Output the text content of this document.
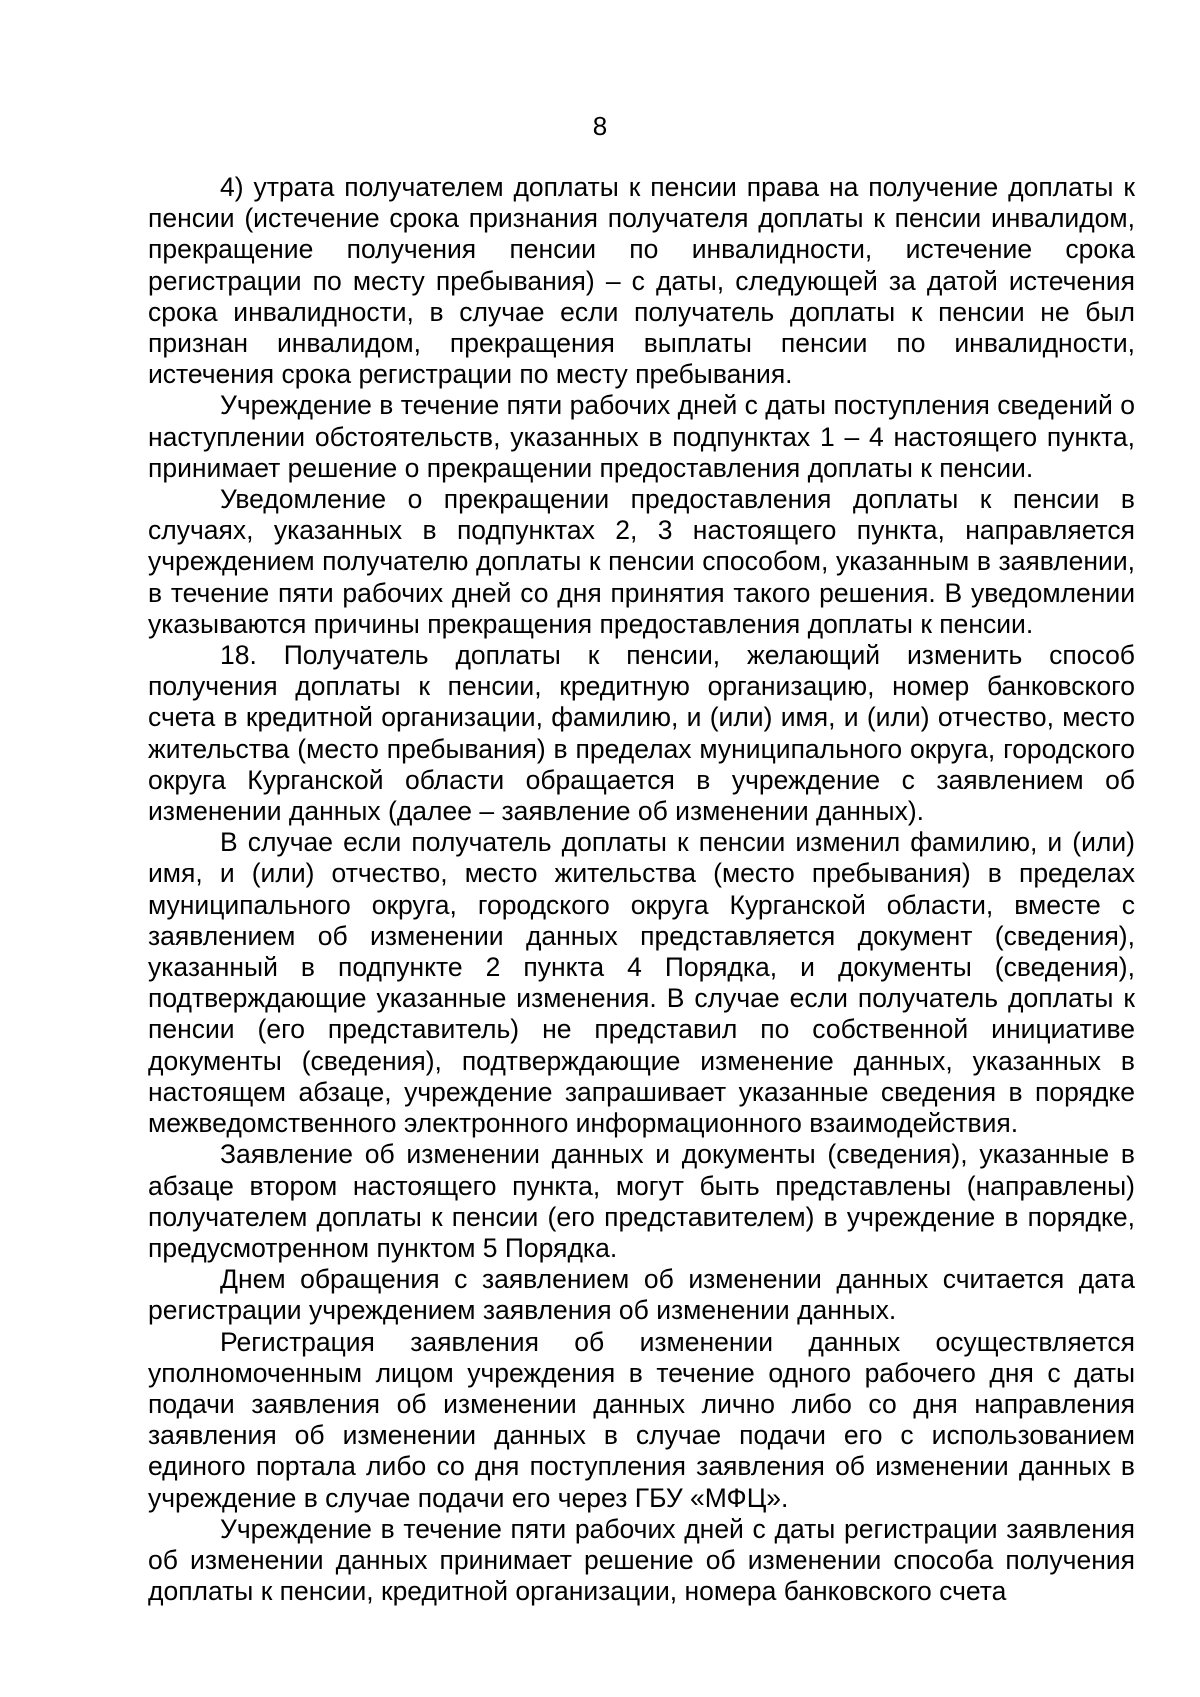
8

4) утрата получателем доплаты к пенсии права на получение доплаты к пенсии (истечение срока признания получателя доплаты к пенсии инвалидом, прекращение получения пенсии по инвалидности, истечение срока регистрации по месту пребывания) – с даты, следующей за датой истечения срока инвалидности, в случае если получатель доплаты к пенсии не был признан инвалидом, прекращения выплаты пенсии по инвалидности, истечения срока регистрации по месту пребывания.

Учреждение в течение пяти рабочих дней с даты поступления сведений о наступлении обстоятельств, указанных в подпунктах 1 – 4 настоящего пункта, принимает решение о прекращении предоставления доплаты к пенсии.

Уведомление о прекращении предоставления доплаты к пенсии в случаях, указанных в подпунктах 2, 3 настоящего пункта, направляется учреждением получателю доплаты к пенсии способом, указанным в заявлении, в течение пяти рабочих дней со дня принятия такого решения. В уведомлении указываются причины прекращения предоставления доплаты к пенсии.

18. Получатель доплаты к пенсии, желающий изменить способ получения доплаты к пенсии, кредитную организацию, номер банковского счета в кредитной организации, фамилию, и (или) имя, и (или) отчество, место жительства (место пребывания) в пределах муниципального округа, городского округа Курганской области обращается в учреждение с заявлением об изменении данных (далее – заявление об изменении данных).

В случае если получатель доплаты к пенсии изменил фамилию, и (или) имя, и (или) отчество, место жительства (место пребывания) в пределах муниципального округа, городского округа Курганской области, вместе с заявлением об изменении данных представляется документ (сведения), указанный в подпункте 2 пункта 4 Порядка, и документы (сведения), подтверждающие указанные изменения. В случае если получатель доплаты к пенсии (его представитель) не представил по собственной инициативе документы (сведения), подтверждающие изменение данных, указанных в настоящем абзаце, учреждение запрашивает указанные сведения в порядке межведомственного электронного информационного взаимодействия.

Заявление об изменении данных и документы (сведения), указанные в абзаце втором настоящего пункта, могут быть представлены (направлены) получателем доплаты к пенсии (его представителем) в учреждение в порядке, предусмотренном пунктом 5 Порядка.

Днем обращения с заявлением об изменении данных считается дата регистрации учреждением заявления об изменении данных.

Регистрация заявления об изменении данных осуществляется уполномоченным лицом учреждения в течение одного рабочего дня с даты подачи заявления об изменении данных лично либо со дня направления заявления об изменении данных в случае подачи его с использованием единого портала либо со дня поступления заявления об изменении данных в учреждение в случае подачи его через ГБУ «МФЦ».

Учреждение в течение пяти рабочих дней с даты регистрации заявления об изменении данных принимает решение об изменении способа получения доплаты к пенсии, кредитной организации, номера банковского счета
